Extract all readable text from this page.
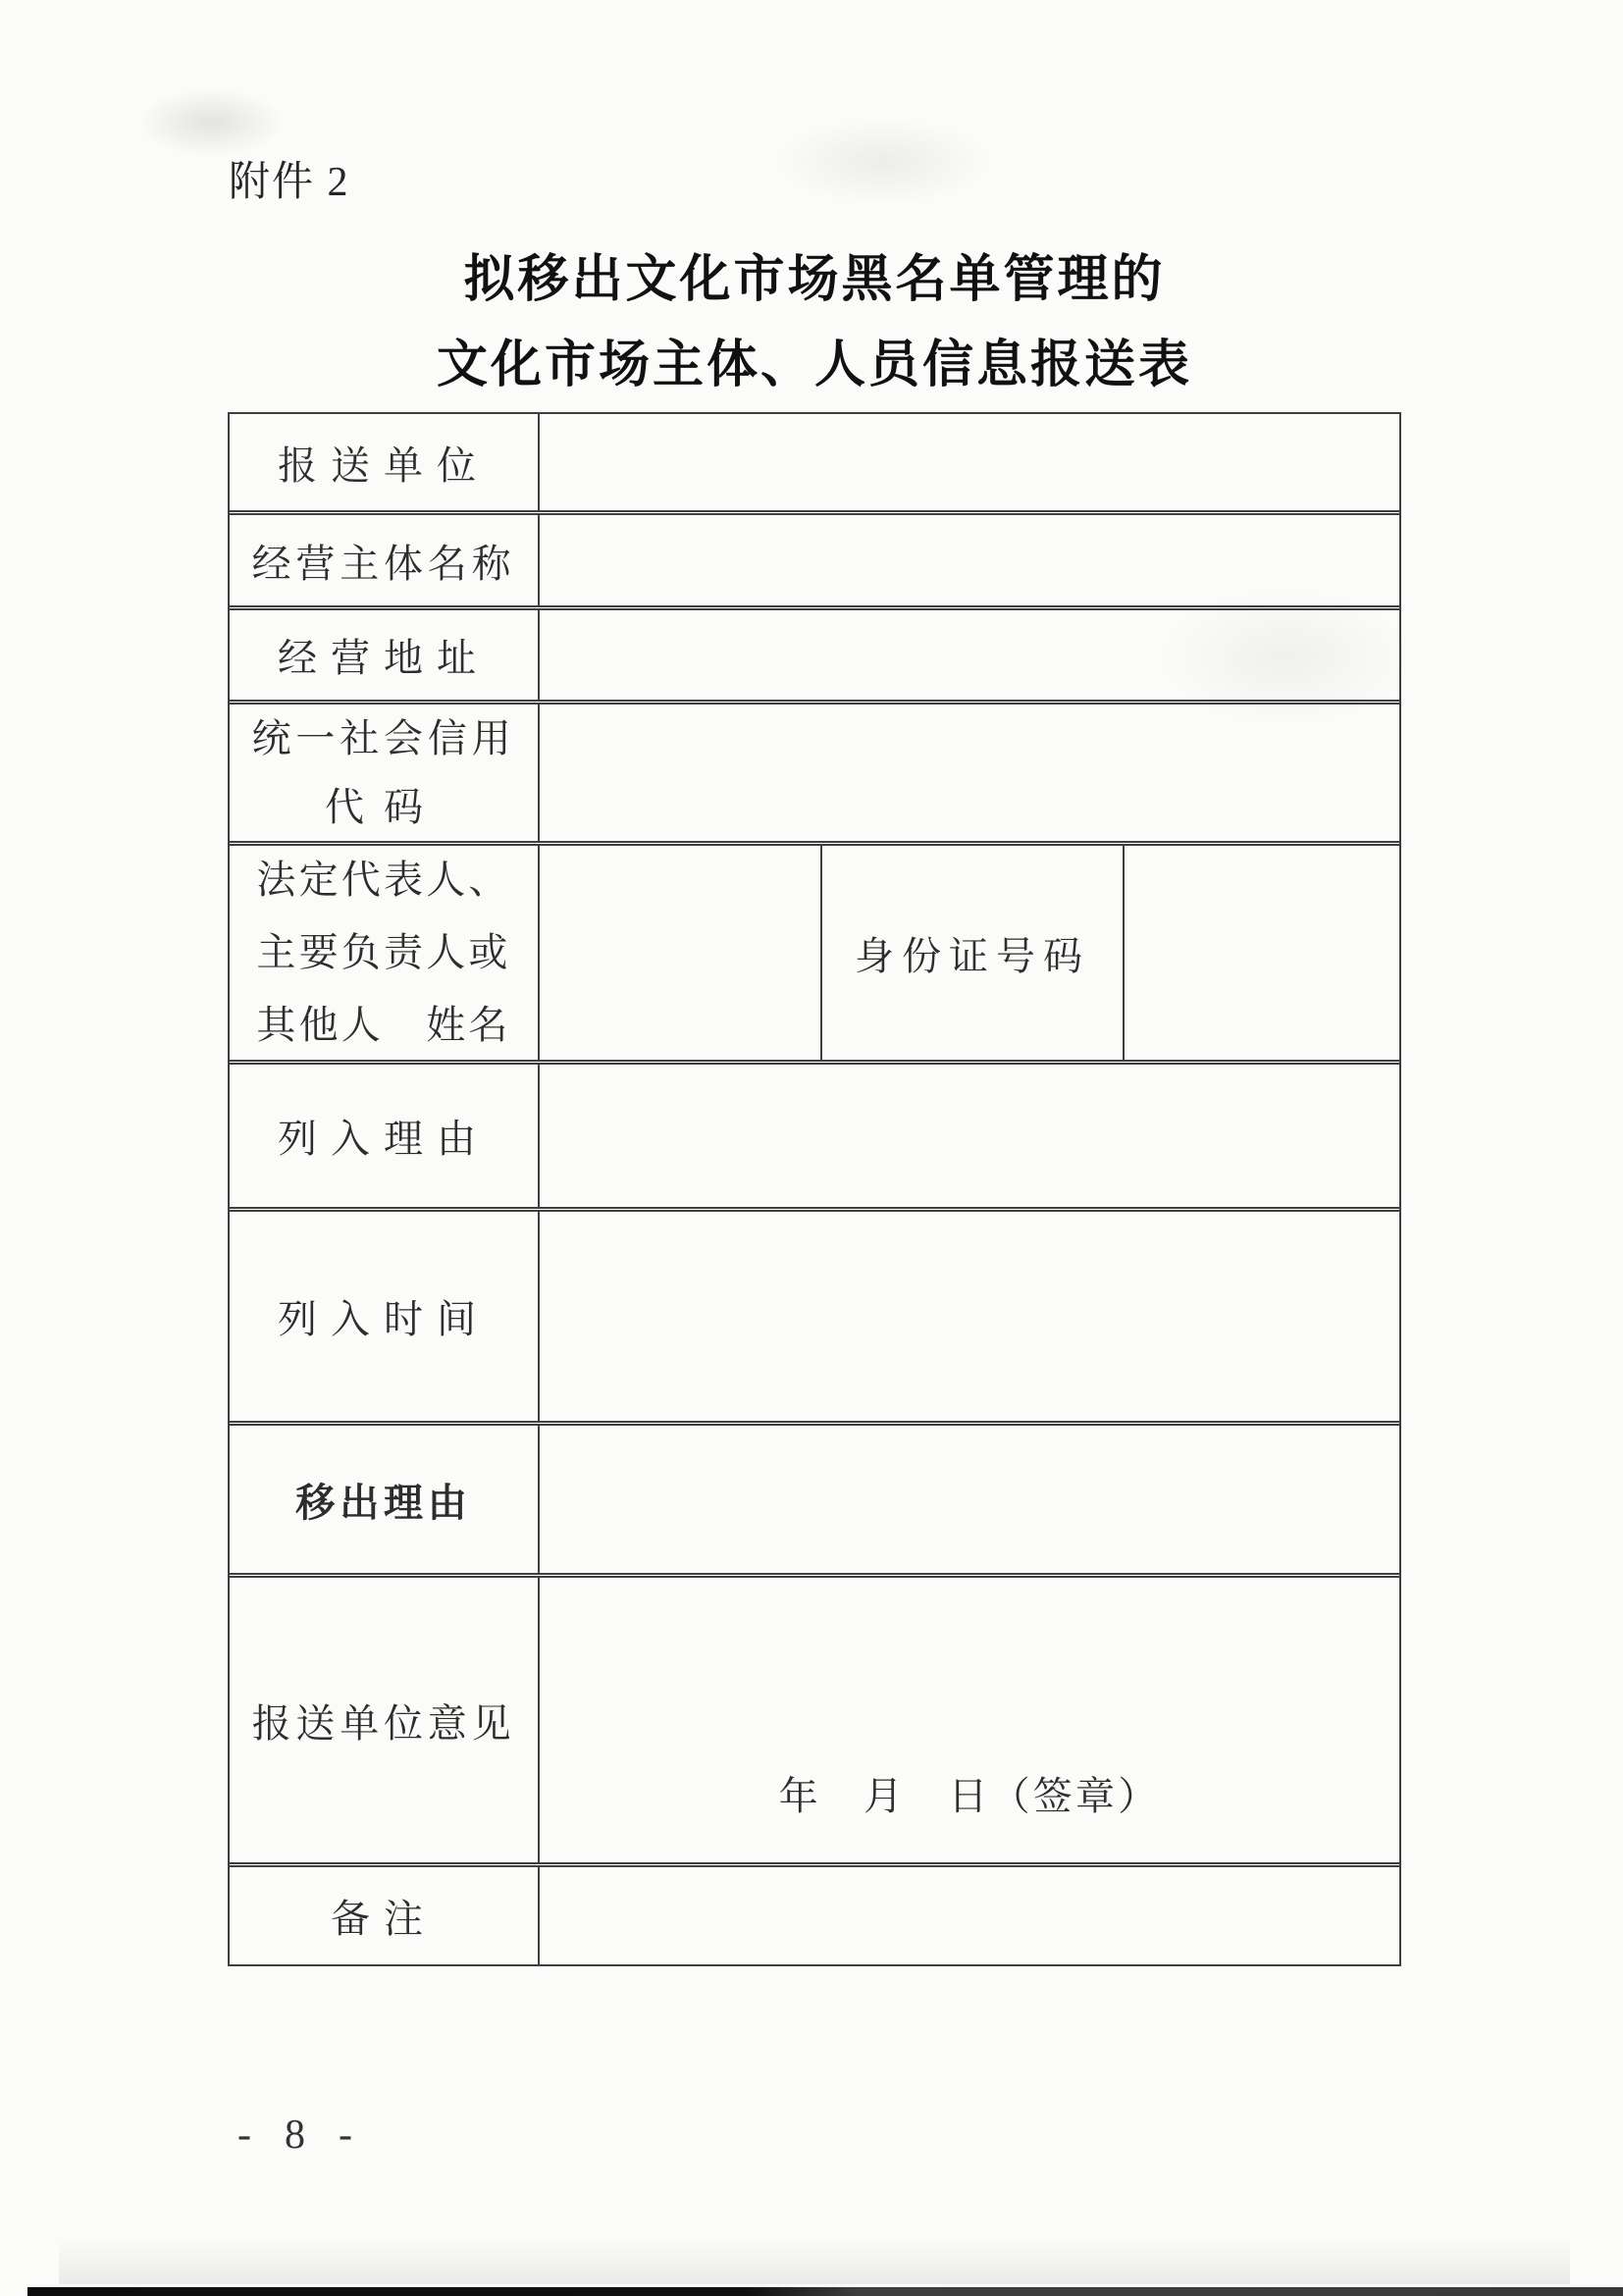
附件 2
拟移出文化市场黑名单管理的
文化市场主体、人员信息报送表
报送单位
经营主体名称
经营地址
统一社会信用
代码
法定代表人、
主要负责人或
其他人　姓名
身份证号码
列入理由
列入时间
移出理由
报送单位意见
年　月　日（签章）
备注
- 8 -
